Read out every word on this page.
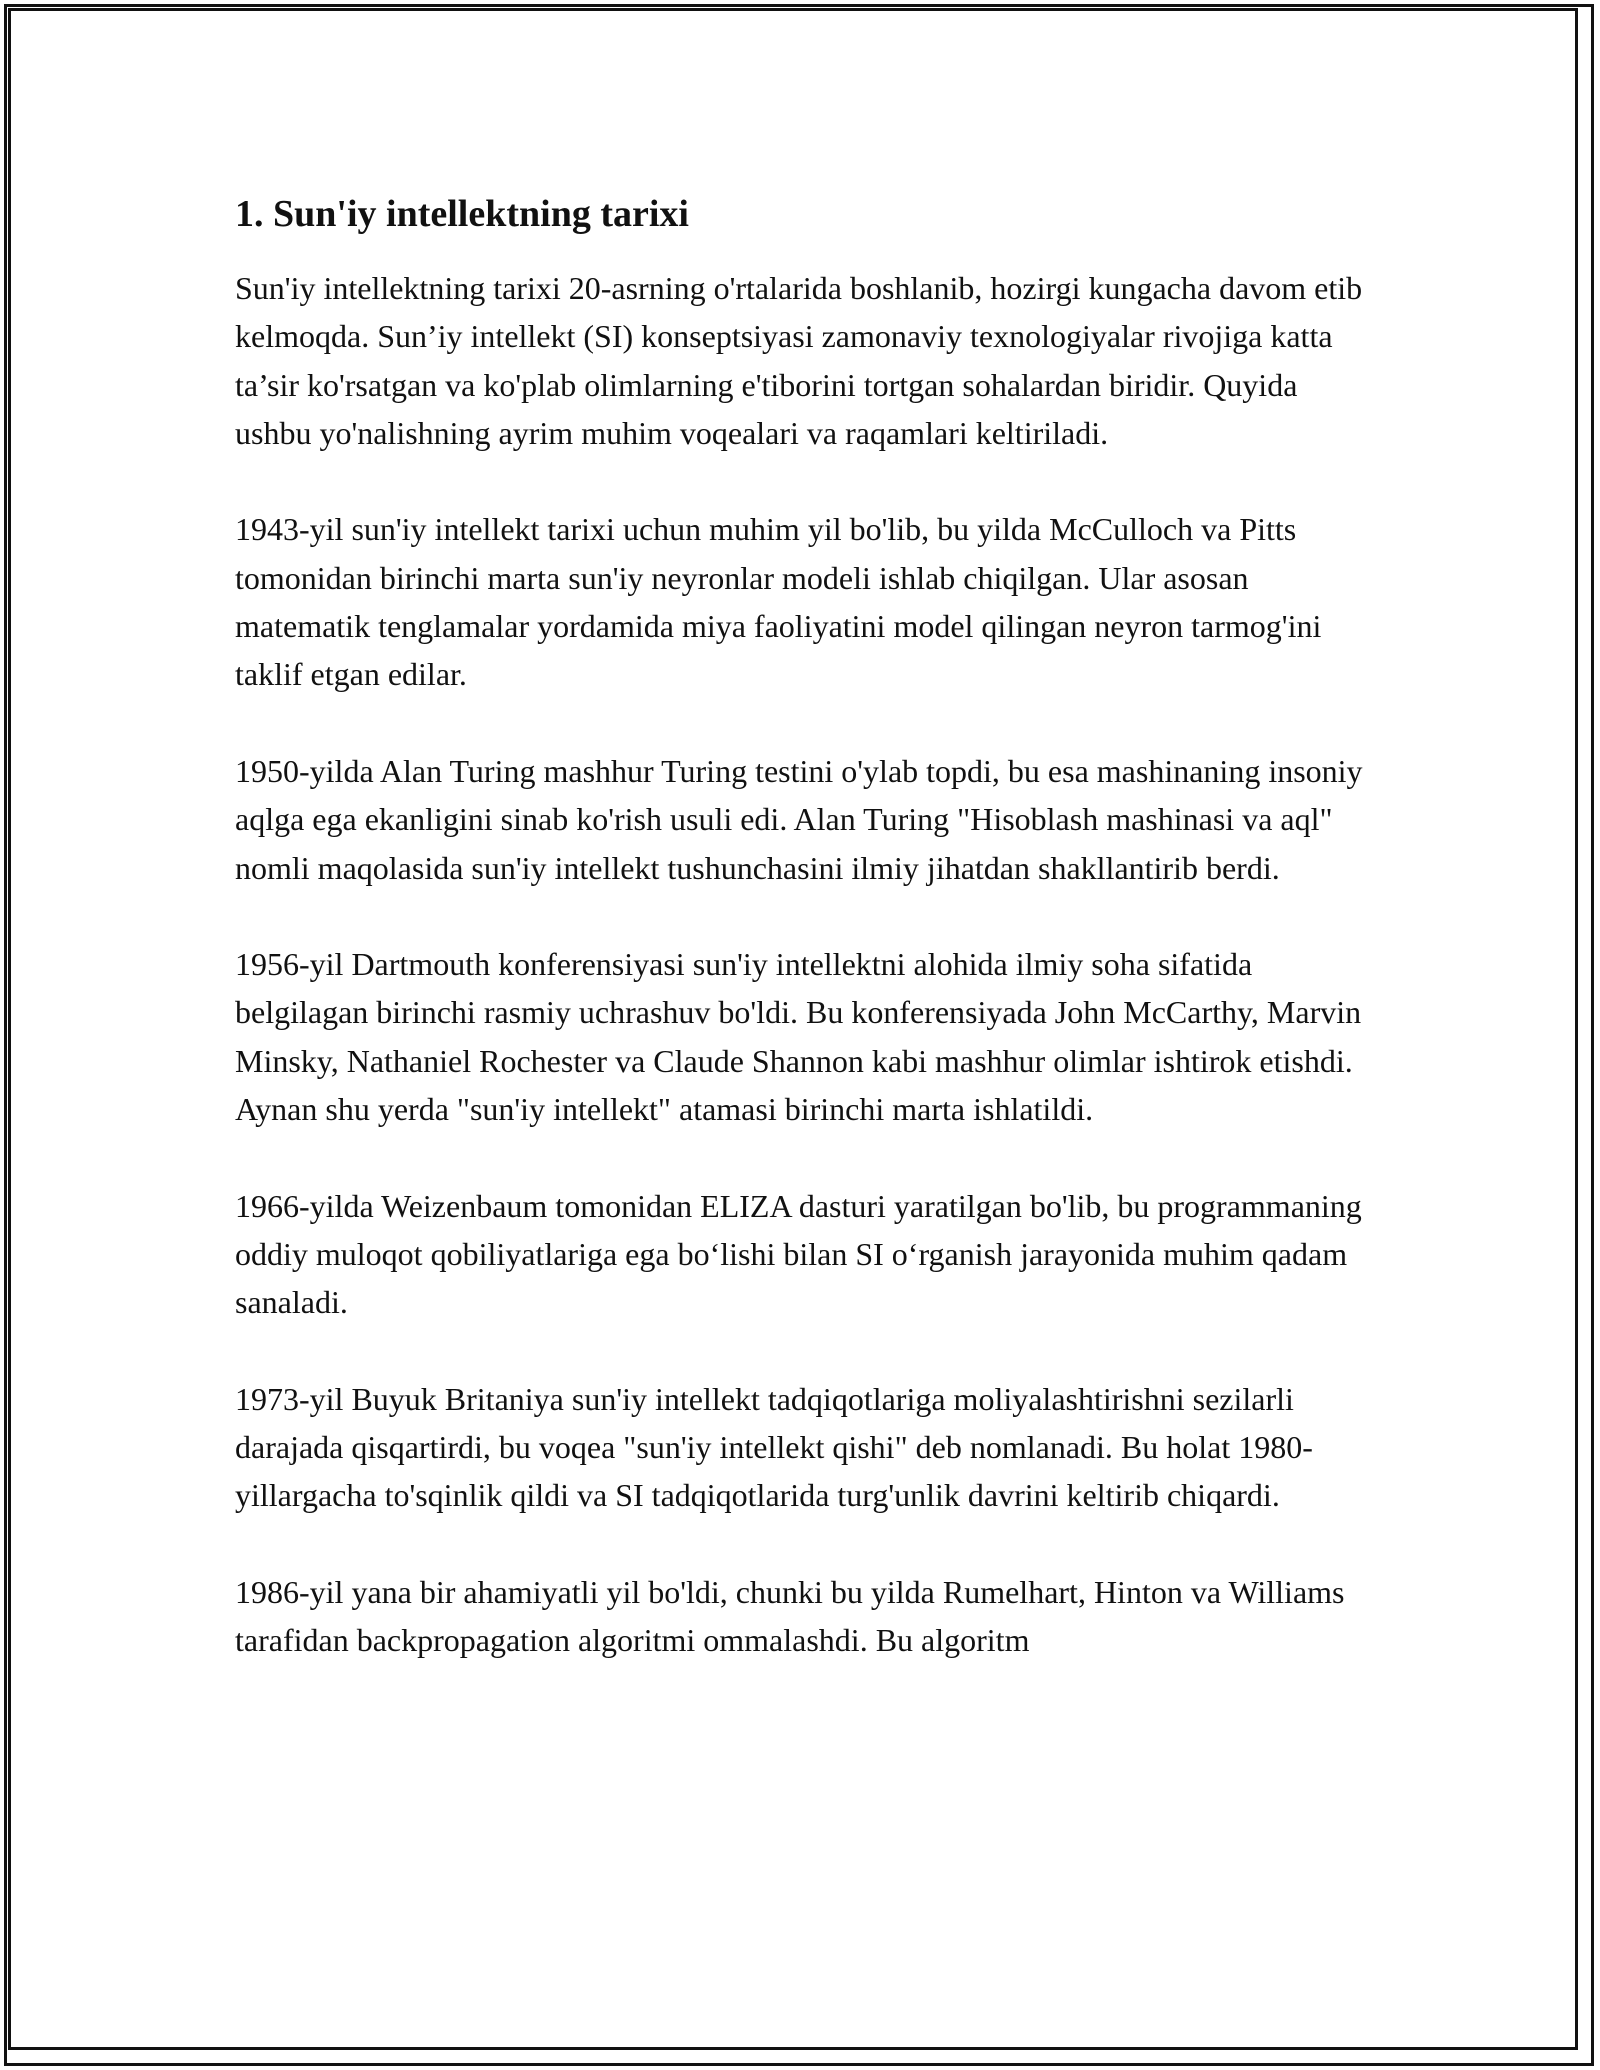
1. Sun'iy intellektning tarixi

Sun'iy intellektning tarixi 20-asrning o'rtalarida boshlanib, hozirgi kungacha davom etib kelmoqda. Sun’iy intellekt (SI) konseptsiyasi zamonaviy texnologiyalar rivojiga katta ta’sir ko'rsatgan va ko'plab olimlarning e'tiborini tortgan sohalardan biridir. Quyida ushbu yo'nalishning ayrim muhim voqealari va raqamlari keltiriladi.

1943-yil sun'iy intellekt tarixi uchun muhim yil bo'lib, bu yilda McCulloch va Pitts tomonidan birinchi marta sun'iy neyronlar modeli ishlab chiqilgan. Ular asosan matematik tenglamalar yordamida miya faoliyatini model qilingan neyron tarmog'ini taklif etgan edilar.

1950-yilda Alan Turing mashhur Turing testini o'ylab topdi, bu esa mashinaning insoniy aqlga ega ekanligini sinab ko'rish usuli edi. Alan Turing "Hisoblash mashinasi va aql" nomli maqolasida sun'iy intellekt tushunchasini ilmiy jihatdan shakllantirib berdi.

1956-yil Dartmouth konferensiyasi sun'iy intellektni alohida ilmiy soha sifatida belgilagan birinchi rasmiy uchrashuv bo'ldi. Bu konferensiyada John McCarthy, Marvin Minsky, Nathaniel Rochester va Claude Shannon kabi mashhur olimlar ishtirok etishdi. Aynan shu yerda "sun'iy intellekt" atamasi birinchi marta ishlatildi.

1966-yilda Weizenbaum tomonidan ELIZA dasturi yaratilgan bo'lib, bu programmaning oddiy muloqot qobiliyatlariga ega bo‘lishi bilan SI o‘rganish jarayonida muhim qadam sanaladi.

1973-yil Buyuk Britaniya sun'iy intellekt tadqiqotlariga moliyalashtirishni sezilarli darajada qisqartirdi, bu voqea "sun'iy intellekt qishi" deb nomlanadi. Bu holat 1980-yillargacha to'sqinlik qildi va SI tadqiqotlarida turg'unlik davrini keltirib chiqardi.

1986-yil yana bir ahamiyatli yil bo'ldi, chunki bu yilda Rumelhart, Hinton va Williams tarafidan backpropagation algoritmi ommalashdi. Bu algoritm
